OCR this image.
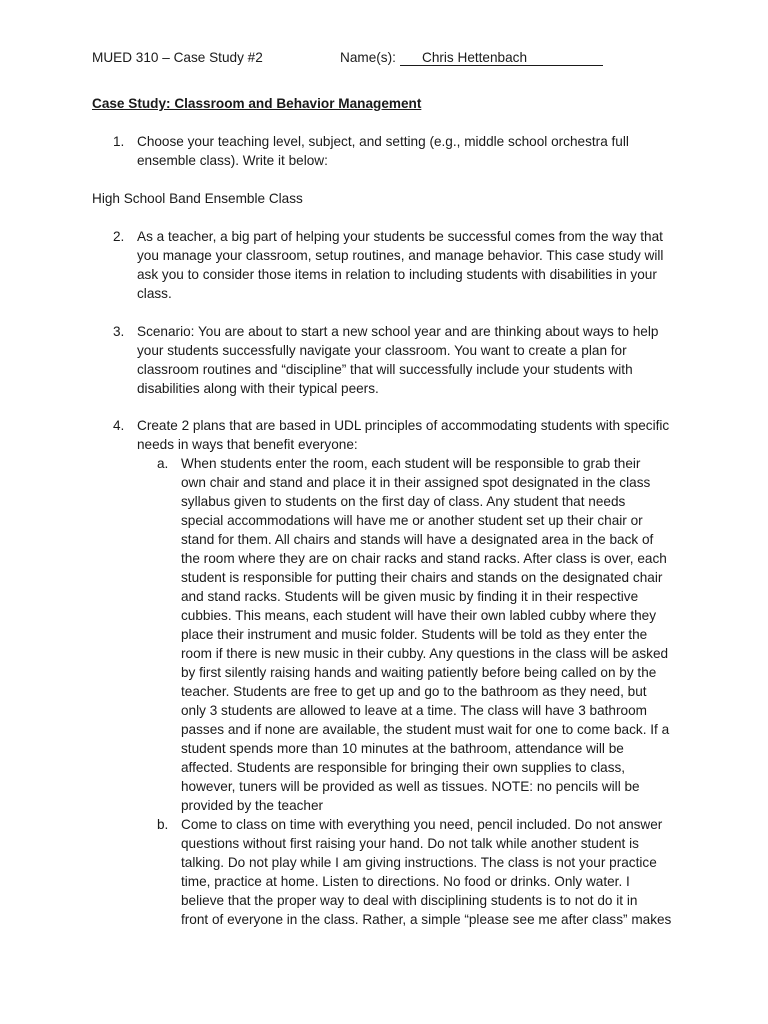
MUED 310 – Case Study #2	Name(s): Chris Hettenbach
Case Study: Classroom and Behavior Management
1. Choose your teaching level, subject, and setting (e.g., middle school orchestra full
ensemble class). Write it below:
High School Band Ensemble Class
2. As a teacher, a big part of helping your students be successful comes from the way that
you manage your classroom, setup routines, and manage behavior. This case study will
ask you to consider those items in relation to including students with disabilities in your
class.
3. Scenario: You are about to start a new school year and are thinking about ways to help
your students successfully navigate your classroom. You want to create a plan for
classroom routines and “discipline” that will successfully include your students with
disabilities along with their typical peers.
4. Create 2 plans that are based in UDL principles of accommodating students with specific
needs in ways that benefit everyone:
a. When students enter the room, each student will be responsible to grab their
own chair and stand and place it in their assigned spot designated in the class
syllabus given to students on the first day of class. Any student that needs
special accommodations will have me or another student set up their chair or
stand for them. All chairs and stands will have a designated area in the back of
the room where they are on chair racks and stand racks. After class is over, each
student is responsible for putting their chairs and stands on the designated chair
and stand racks. Students will be given music by finding it in their respective
cubbies. This means, each student will have their own labled cubby where they
place their instrument and music folder. Students will be told as they enter the
room if there is new music in their cubby. Any questions in the class will be asked
by first silently raising hands and waiting patiently before being called on by the
teacher. Students are free to get up and go to the bathroom as they need, but
only 3 students are allowed to leave at a time. The class will have 3 bathroom
passes and if none are available, the student must wait for one to come back. If a
student spends more than 10 minutes at the bathroom, attendance will be
affected. Students are responsible for bringing their own supplies to class,
however, tuners will be provided as well as tissues. NOTE: no pencils will be
provided by the teacher
b. Come to class on time with everything you need, pencil included. Do not answer
questions without first raising your hand. Do not talk while another student is
talking. Do not play while I am giving instructions. The class is not your practice
time, practice at home. Listen to directions. No food or drinks. Only water. I
believe that the proper way to deal with disciplining students is to not do it in
front of everyone in the class. Rather, a simple “please see me after class” makes
